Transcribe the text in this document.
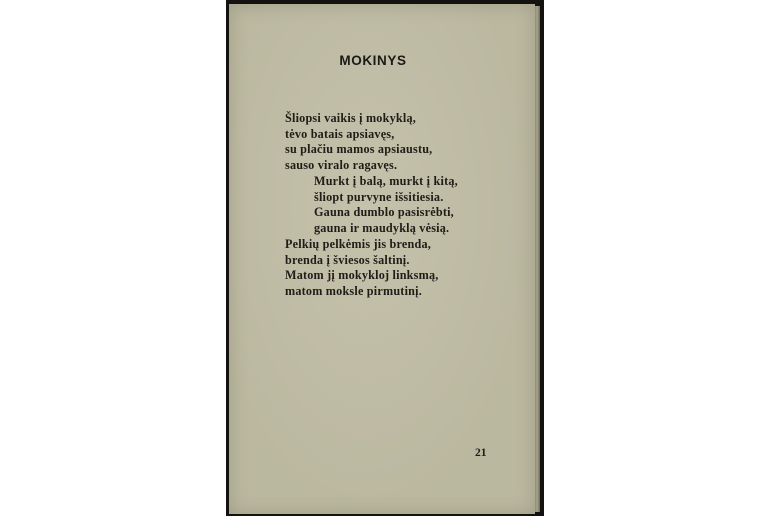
MOKINYS
Šliopsi vaikis į mokyklą,
tėvo batais apsiavęs,
su plačiu mamos apsiaustu,
sauso viralo ragavęs.
Murkt į balą, murkt į kitą,
šliopt purvyne išsitiesia.
Gauna dumblo pasisrėbti,
gauna ir maudyklą vėsią.
Pelkių pelkėmis jis brenda,
brenda į šviesos šaltinį.
Matom jį mokykloj linksmą,
matom moksle pirmutinį.
21
